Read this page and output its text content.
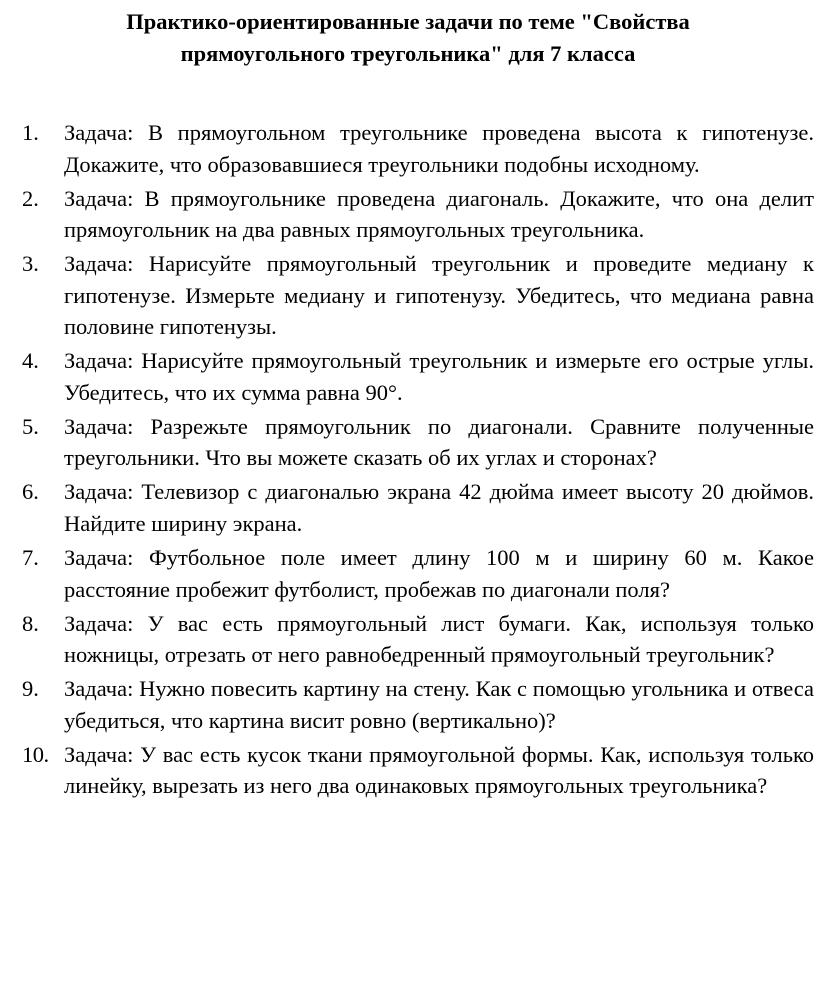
Практико-ориентированные задачи по теме "Свойства
прямоугольного треугольника" для 7 класса
1.	Задача: В прямоугольном треугольнике проведена высота к гипотенузе. Докажите, что образовавшиеся треугольники подобны исходному.
2.	Задача: В прямоугольнике проведена диагональ. Докажите, что она делит прямоугольник на два равных прямоугольных треугольника.
3.	Задача: Нарисуйте прямоугольный треугольник и проведите медиану к гипотенузе. Измерьте медиану и гипотенузу. Убедитесь, что медиана равна половине гипотенузы.
4.	Задача: Нарисуйте прямоугольный треугольник и измерьте его острые углы. Убедитесь, что их сумма равна 90°.
5.	Задача: Разрежьте прямоугольник по диагонали. Сравните полученные треугольники. Что вы можете сказать об их углах и сторонах?
6.	Задача: Телевизор с диагональю экрана 42 дюйма имеет высоту 20 дюймов. Найдите ширину экрана.
7.	Задача: Футбольное поле имеет длину 100 м и ширину 60 м. Какое расстояние пробежит футболист, пробежав по диагонали поля?
8.	Задача: У вас есть прямоугольный лист бумаги. Как, используя только ножницы, отрезать от него равнобедренный прямоугольный треугольник?
9.	Задача: Нужно повесить картину на стену. Как с помощью угольника и отвеса убедиться, что картина висит ровно (вертикально)?
10. Задача: У вас есть кусок ткани прямоугольной формы. Как, используя только линейку, вырезать из него два одинаковых прямоугольных треугольника?
